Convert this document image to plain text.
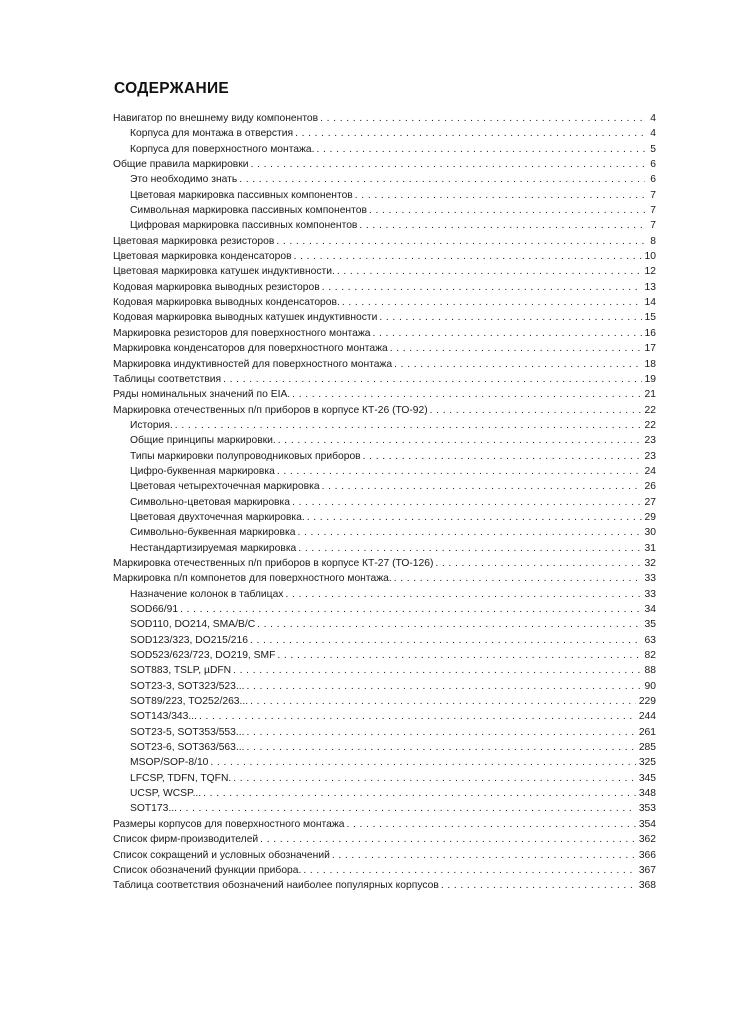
СОДЕРЖАНИЕ
Навигатор по внешнему виду компонентов . . .	4
Корпуса для монтажа в отверстия . . .	4
Корпуса для поверхностного монтажа. . . .	5
Общие правила маркировки . . .	6
Это необходимо знать . . .	6
Цветовая маркировка пассивных компонентов . . .	7
Символьная маркировка пассивных компонентов . . .	7
Цифровая маркировка пассивных компонентов . . .	7
Цветовая маркировка резисторов . . .	8
Цветовая маркировка конденсаторов . . .	10
Цветовая маркировка катушек индуктивности. . . .	12
Кодовая маркировка выводных резисторов . . .	13
Кодовая маркировка выводных конденсаторов. . . .	14
Кодовая маркировка выводных катушек индуктивности . . .	15
Маркировка резисторов для поверхностного монтажа . . .	16
Маркировка конденсаторов для поверхностного монтажа . . .	17
Маркировка индуктивностей для поверхностного монтажа . . .	18
Таблицы соответствия . . .	19
Ряды номинальных значений по EIA. . . .	21
Маркировка отечественных п/п приборов в корпусе КТ-26 (ТО-92) . . .	22
История. . . .	22
Общие принципы маркировки. . . .	23
Типы маркировки полупроводниковых приборов . . .	23
Цифро-буквенная маркировка . . .	24
Цветовая четырехточечная маркировка . . .	26
Символьно-цветовая маркировка . . .	27
Цветовая двухточечная маркировка. . . .	29
Символьно-буквенная маркировка . . .	30
Нестандартизируемая маркировка . . .	31
Маркировка отечественных п/п приборов в корпусе КТ-27 (ТО-126) . . .	32
Маркировка п/п компонетов для поверхностного монтажа. . . .	33
Назначение колонок в таблицах . . .	33
SOD66/91 . . .	34
SOD110, DO214, SMA/B/C . . .	35
SOD123/323, DO215/216 . . .	63
SOD523/623/723, DO219, SMF . . .	82
SOT883, TSLP, µDFN . . .	88
SOT23-3, SOT323/523... . . .	90
SOT89/223, TO252/263... . . .	229
SOT143/343... . . .	244
SOT23-5, SOT353/553... . . .	261
SOT23-6, SOT363/563... . . .	285
MSOP/SOP-8/10 . . .	325
LFCSP, TDFN, TQFN. . . .	345
UCSP, WCSP... . . .	348
SOT173... . . .	353
Размеры корпусов для поверхностного монтажа . . .	354
Список фирм-производителей . . .	362
Список сокращений и условных обозначений . . .	366
Список обозначений функции прибора. . . .	367
Таблица соответствия обозначений наиболее популярных корпусов . . .	368
